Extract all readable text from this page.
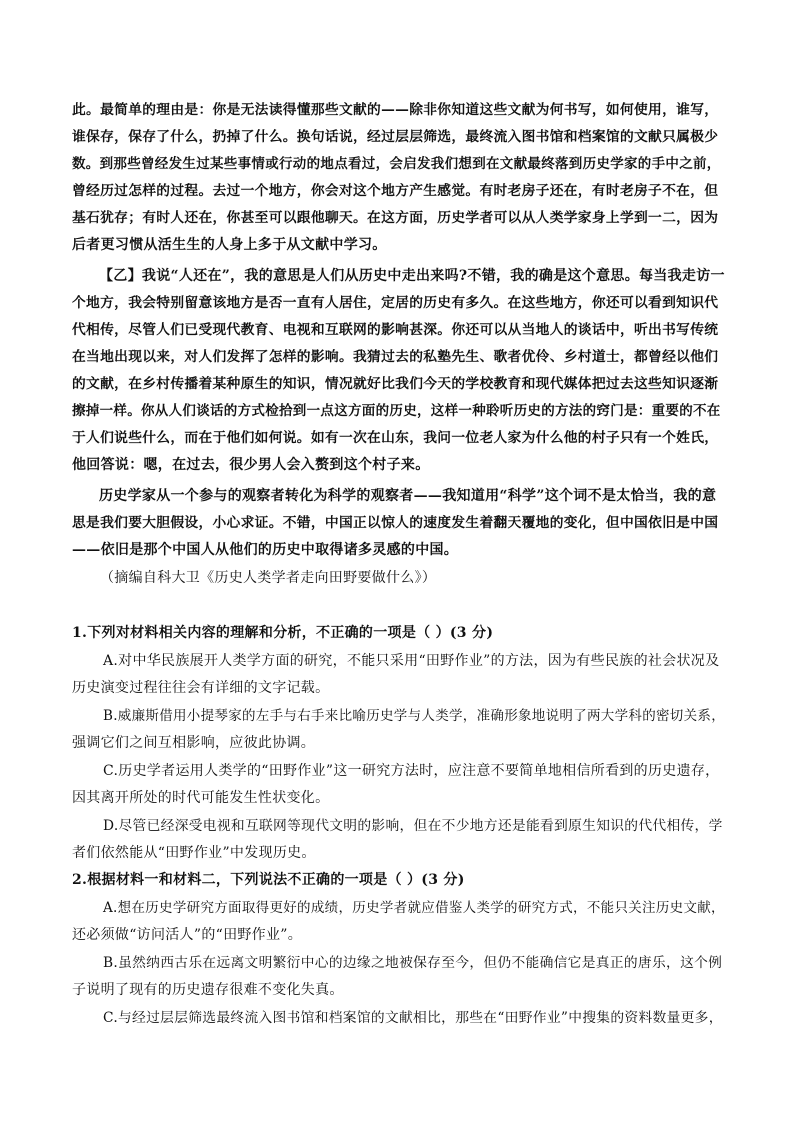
此。最简单的理由是：你是无法读得懂那些文献的——除非你知道这些文献为何书写，如何使用，谁写，

谁保存，保存了什么，扔掉了什么。换句话说，经过层层筛选，最终流入图书馆和档案馆的文献只属极少

数。到那些曾经发生过某些事情或行动的地点看过，会启发我们想到在文献最终落到历史学家的手中之前，

曾经历过怎样的过程。去过一个地方，你会对这个地方产生感觉。有时老房子还在，有时老房子不在，但

基石犹存；有时人还在，你甚至可以跟他聊天。在这方面，历史学者可以从人类学家身上学到一二，因为

后者更习惯从活生生的人身上多于从文献中学习。

【乙】我说“人还在”，我的意思是人们从历史中走出来吗?不错，我的确是这个意思。每当我走访一

个地方，我会特别留意该地方是否一直有人居住，定居的历史有多久。在这些地方，你还可以看到知识代

代相传，尽管人们已受现代教育、电视和互联网的影响甚深。你还可以从当地人的谈话中，听出书写传统

在当地出现以来，对人们发挥了怎样的影响。我猜过去的私塾先生、歌者优伶、乡村道士，都曾经以他们

的文献，在乡村传播着某种原生的知识，情况就好比我们今天的学校教育和现代媒体把过去这些知识逐渐

擦掉一样。你从人们谈话的方式检拾到一点这方面的历史，这样一种聆听历史的方法的窍门是：重要的不在

于人们说些什么，而在于他们如何说。如有一次在山东，我问一位老人家为什么他的村子只有一个姓氏，

他回答说：嗯，在过去，很少男人会入赘到这个村子来。

历史学家从一个参与的观察者转化为科学的观察者——我知道用“科学”这个词不是太恰当，我的意

思是我们要大胆假设，小心求证。不错，中国正以惊人的速度发生着翻天覆地的变化，但中国依旧是中国

——依旧是那个中国人从他们的历史中取得诸多灵感的中国。

（摘编自科大卫《历史人类学者走向田野要做什么》）

1.下列对材料相关内容的理解和分析，不正确的一项是（ ）(3 分)

A.对中华民族展开人类学方面的研究，不能只采用“田野作业”的方法，因为有些民族的社会状况及

历史演变过程往往会有详细的文字记载。

B.威廉斯借用小提琴家的左手与右手来比喻历史学与人类学，准确形象地说明了两大学科的密切关系，

强调它们之间互相影响，应彼此协调。

C.历史学者运用人类学的“田野作业”这一研究方法时，应注意不要简单地相信所看到的历史遗存，

因其离开所处的时代可能发生性状变化。

D.尽管已经深受电视和互联网等现代文明的影响，但在不少地方还是能看到原生知识的代代相传，学

者们依然能从“田野作业”中发现历史。

2.根据材料一和材料二，下列说法不正确的一项是（ ）(3 分)

A.想在历史学研究方面取得更好的成绩，历史学者就应借鉴人类学的研究方式，不能只关注历史文献，

还必须做“访问活人”的“田野作业”。

B.虽然纳西古乐在远离文明繁衍中心的边缘之地被保存至今，但仍不能确信它是真正的唐乐，这个例

子说明了现有的历史遗存很难不变化失真。

C.与经过层层筛选最终流入图书馆和档案馆的文献相比，那些在“田野作业”中搜集的资料数量更多，
